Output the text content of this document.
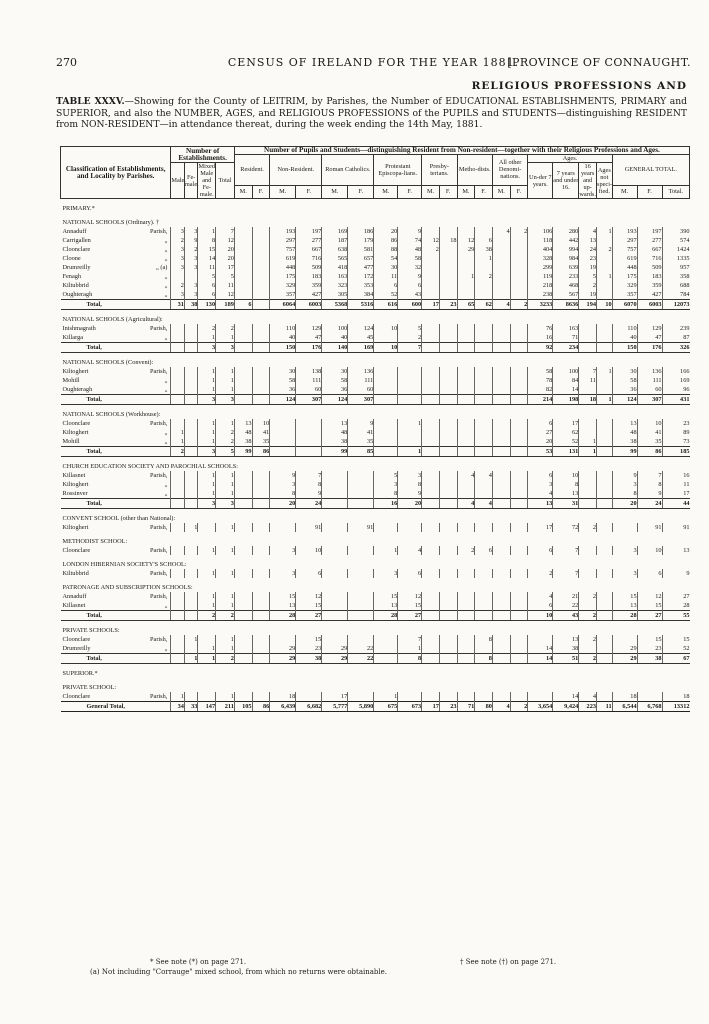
270	CENSUS OF IRELAND FOR THE YEAR 1881.
[PROVINCE OF CONNAUGHT.
RELIGIOUS PROFESSIONS AND
TABLE XXXV.—Showing for the County of LEITRIM, by Parishes, the Number of EDUCATIONAL ESTABLISHMENTS, PRIMARY and SUPERIOR, and also the NUMBER, AGES, and RELIGIOUS PROFESSIONS of the PUPILS and STUDENTS—distinguishing RESIDENT from NON-RESIDENT—in attendance thereat, during the week ending the 14th May, 1881.
Classification of Establishments, and Locality by Parishes.	Number of Establishments.				Number of Pupils and Students—distinguishing Resident from Non-resident—together with their Religious Professions and Ages.																				
					Resident.		Non-Resident.		Roman Catholics.		Protestant Episcopa-lians.		Presby-terians.		Metho-dists.		All other Denomi-nations.		Ages.				GENERAL TOTAL.		
	Male.	Fe-male.	Mixed Male and Fe-male.	Total															Un-der 7 years.	7 years and under 16.	16 years and up-wards.	Ages not speci-fied.			
					M.	F.	M.	F.	M.	F.	M.	F.	M.	F.	M.	F.	M.	F.					M.	F.	Total.
PRIMARY.*																									
NATIONAL SCHOOLS (Ordinary). †																									
Annaduff Parish,	3	3	1	7			193	197	169	186	20	9					4	2	106	280	4	1	193	197	390
Carrigallen „	2	9	8	12			297	277	187	179	86	74	12	18	12	6			118	442	13		297	277	574
Cloonclare „	3	2	15	20			757	667	638	581	88	48	2		29	38			404	994	24	2	757	667	1424
Cloone „	3	3	14	20			619	716	565	657	54	58				1			328	984	23		619	716	1335
Drumreilly „ (a)	3	3	11	17			448	509	418	477	30	32							299	639	19		448	509	957
Fenagh „			5	5			175	183	163	172	11	9			1	2			119	233	5	1	175	183	358
Kiltubbrid „	2	3	6	11			329	359	323	353	6	6							218	468	2		329	359	688
Oughteragh „	3	3	6	12			357	427	305	384	52	43							238	567	19		357	427	784
Total,	31	38	130	189	6		6064	6003	5368	5316	616	600	17	23	65	62	4	2	3233	8636	194	10	6070	6003	12073
NATIONAL SCHOOLS (Agricultural):																									
Inishmagrath Parish,			2	2			110	129	100	124	10	5							76	163			110	129	239
Killarga „			1	1			40	47	40	45		2							16	71			40	47	87
Total,			3	3			150	176	140	169	10	7							92	234			150	176	326
NATIONAL SCHOOLS (Convent):																									
Kiltoghert Parish,			1	1			30	138	30	136									58	100	7	1	30	136	166
Mohill „			1	1			58	111	58	111									78	84	11		58	111	169
Oughteragh „			1	1			36	60	36	60									82	14			36	60	96
Total,			3	3			124	307	124	307									214	198	18	1	124	307	431
NATIONAL SCHOOLS (Workhouse):																									
Cloonclare Parish,			1	1	13	10			13	9		1							6	17			13	10	23
Kiltoghert „	1		1	2	48	41			48	41									27	62			48	41	89
Mohill „	1		1	2	38	35			38	35									20	52	1		38	35	73
Total,	2		3	5	99	86			99	85		1							53	131	1		99	86	185
CHURCH EDUCATION SOCIETY AND PAROCHIAL SCHOOLS:																									
Killasnet Parish,			1	1			9	7			5	3			4	4			6	10			9	7	16
Kiltoghert „			1	1			3	8			3	8							3	8			3	8	11
Rossinver „			1	1			8	9			8	9							4	13			8	9	17
Total,			3	3			20	24			16	20			4	4			13	31			20	24	44
CONVENT SCHOOL (other than National):																									
Kiltoghert Parish,		1		1				91		91									17	72	2			91	91
METHODIST SCHOOL:																									
Cloonclare Parish,			1	1			3	10			1	4			2	6			6	7			3	10	13
LONDON HIBERNIAN SOCIETY'S SCHOOL:																									
Kiltubbrid Parish,			1	1			3	6			3	6							2	7			3	6	9
PATRONAGE AND SUBSCRIPTION SCHOOLS:																									
Annaduff Parish,			1	1			15	12			15	12							4	21	2		15	12	27
Killasnet „			1	1			13	15			13	15							6	22			13	15	28
Total,			2	2			28	27			28	27							10	43	2		28	27	55
PRIVATE SCHOOLS:																									
Cloonclare Parish,		1		1				15				7				8				13	2			15	15
Drumreilly „			1	1			29	23	29	22		1							14	38			29	23	52
Total,		1	1	2			29	38	29	22		8				8			14	51	2		29	38	67
SUPERIOR.*																									
PRIVATE SCHOOL:																									
Cloonclare Parish,	1			1			18		17		1									14	4		18		18
General Total,	34	33	147	211	105	86	6,439	6,682	5,777	5,890	675	673	17	23	71	80	4	2	3,654	9,424	223	11	6,544	6,768	13312
* See note (*) on page 271.	† See note (†) on page 271.
(a) Not including "Corrauge" mixed school, from which no returns were obtainable.
